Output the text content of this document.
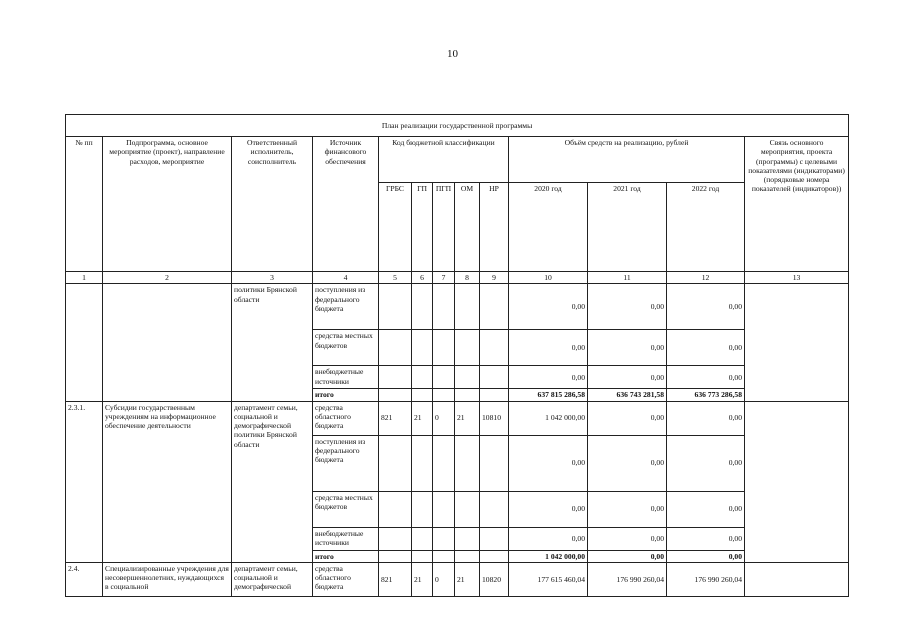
10
План реализации государственной программы												
№ пп	Подпрограмма, основное мероприятие (проект), направление расходов, мероприятие	Ответственный исполнитель, соисполнитель	Источник финансового обеспечения	Код бюджетной классификации					Объём средств на реализацию, рублей			Связь основного мероприятия, проекта (программы) с целевыми показателями (индикаторами) (порядковые номера показателей (индикаторов))
				ГРБС	ГП	ПГП	ОМ	НР	2020 год	2021 год	2022 год	
1	2	3	4	5	6	7	8	9	10	11	12	13
		политики Брянской области	поступления из федерального бюджета						0,00	0,00	0,00	
			средства местных бюджетов						0,00	0,00	0,00	
			внебюджетные источники						0,00	0,00	0,00	
			итого						637 815 286,58	636 743 281,58	636 773 286,58	
2.3.1.	Субсидии государственным учреждениям на информационное обеспечение деятельности	департамент семьи, социальной и демографической политики Брянской области	средства областного бюджета	821	21	0	21	10810	1 042 000,00	0,00	0,00	
			поступления из федерального бюджета						0,00	0,00	0,00	
			средства местных бюджетов						0,00	0,00	0,00	
			внебюджетные источники						0,00	0,00	0,00	
			итого						1 042 000,00	0,00	0,00	
2.4.	Специализированные учреждения для несовершеннолетних, нуждающихся в социальной	департамент семьи, социальной и демографической	средства областного бюджета	821	21	0	21	10820	177 615 460,04	176 990 260,04	176 990 260,04	
